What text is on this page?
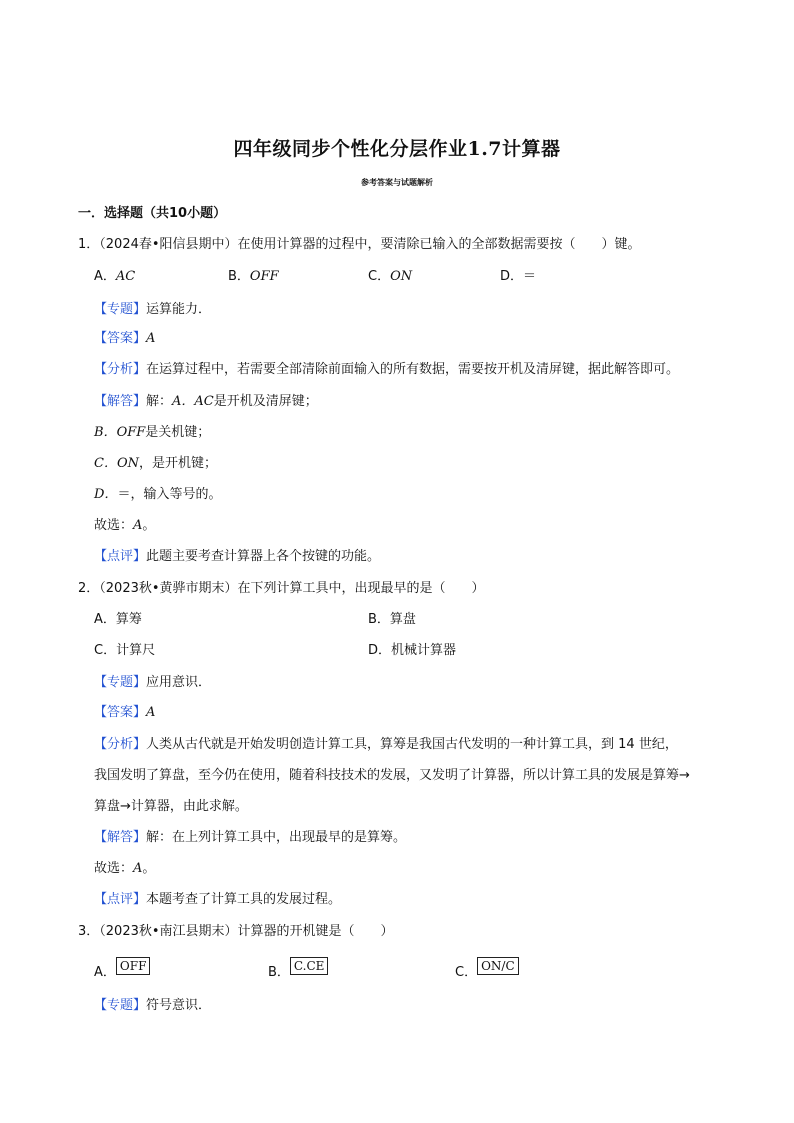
四年级同步个性化分层作业1.7计算器
参考答案与试题解析
一．选择题（共10小题）
1．（2024春•阳信县期中）在使用计算器的过程中，要清除已输入的全部数据需要按（　　）键。
A．AC	B．OFF	C．ON	D．＝
【专题】运算能力．
【答案】A
【分析】在运算过程中，若需要全部清除前面输入的所有数据，需要按开机及清屏键，据此解答即可。
【解答】解：A．AC是开机及清屏键；
B．OFF是关机键；
C．ON，是开机键；
D．＝，输入等号的。
故选：A。
【点评】此题主要考查计算器上各个按键的功能。
2．（2023秋•黄骅市期末）在下列计算工具中，出现最早的是（　　）
A．算筹	B．算盘
C．计算尺	D．机械计算器
【专题】应用意识．
【答案】A
【分析】人类从古代就是开始发明创造计算工具，算筹是我国古代发明的一种计算工具，到 14 世纪，
我国发明了算盘，至今仍在使用，随着科技技术的发展，又发明了计算器，所以计算工具的发展是算筹→
算盘→计算器，由此求解。
【解答】解：在上列计算工具中，出现最早的是算筹。
故选：A。
【点评】本题考查了计算工具的发展过程。
3．（2023秋•南江县期末）计算器的开机键是（　　）
A． OFF	B． C.CE	C． ON/C
【专题】符号意识．
